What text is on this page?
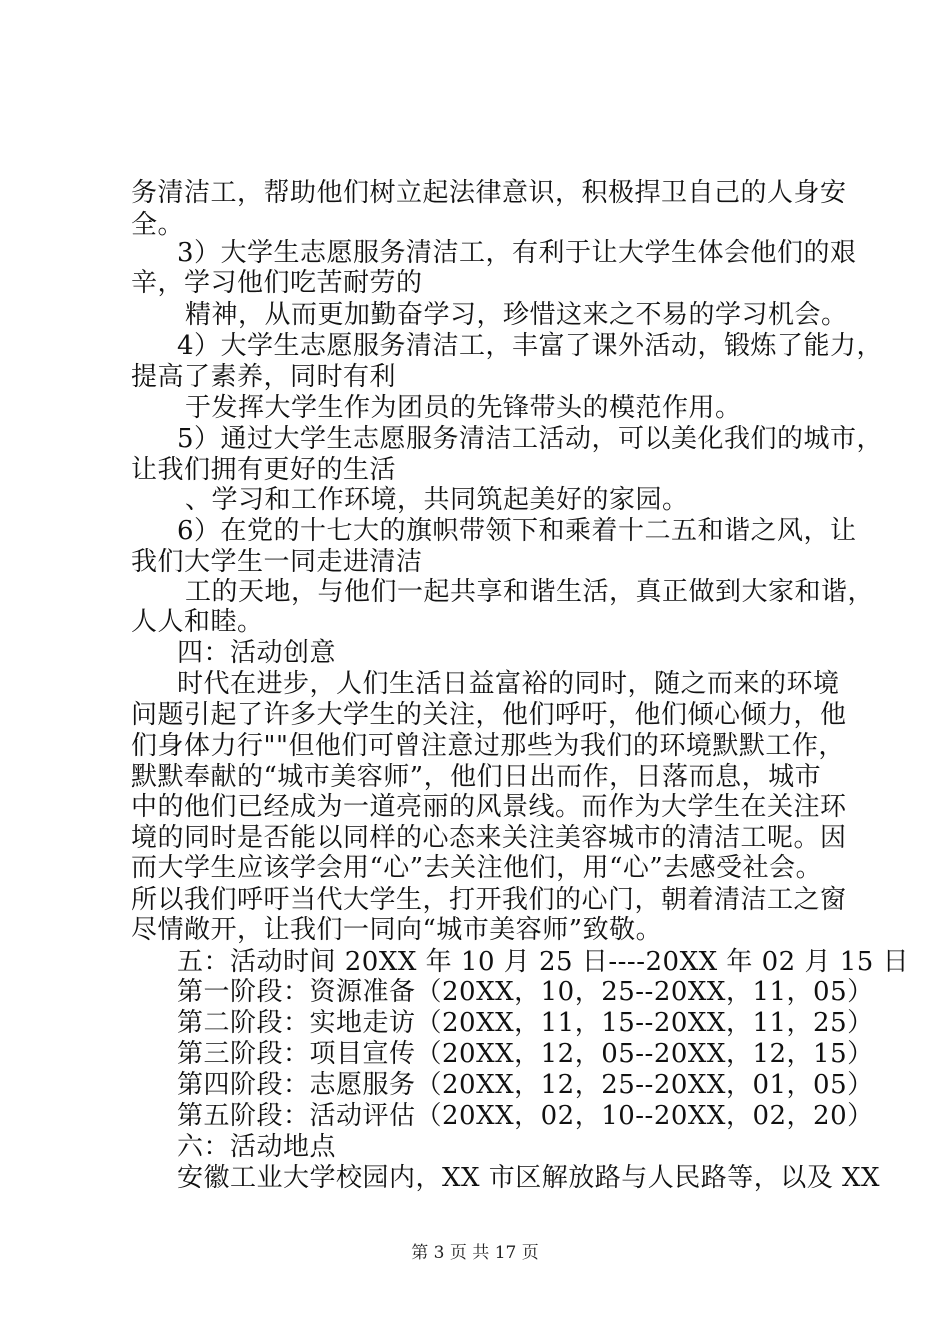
务清洁工，帮助他们树立起法律意识，积极捍卫自己的人身安
全。
3）大学生志愿服务清洁工，有利于让大学生体会他们的艰
辛，学习他们吃苦耐劳的
精神，从而更加勤奋学习，珍惜这来之不易的学习机会。
4）大学生志愿服务清洁工，丰富了课外活动，锻炼了能力，
提高了素养，同时有利
于发挥大学生作为团员的先锋带头的模范作用。
5）通过大学生志愿服务清洁工活动，可以美化我们的城市，
让我们拥有更好的生活
、学习和工作环境，共同筑起美好的家园。
6）在党的十七大的旗帜带领下和乘着十二五和谐之风，让
我们大学生一同走进清洁
工的天地，与他们一起共享和谐生活，真正做到大家和谐，
人人和睦。
四：活动创意
时代在进步，人们生活日益富裕的同时，随之而来的环境
问题引起了许多大学生的关注，他们呼吁，他们倾心倾力，他
们身体力行""但他们可曾注意过那些为我们的环境默默工作，
默默奉献的“城市美容师”，他们日出而作，日落而息，城市
中的他们已经成为一道亮丽的风景线。而作为大学生在关注环
境的同时是否能以同样的心态来关注美容城市的清洁工呢。因
而大学生应该学会用“心”去关注他们，用“心”去感受社会。
所以我们呼吁当代大学生，打开我们的心门，朝着清洁工之窗
尽情敞开，让我们一同向“城市美容师”致敬。
五：活动时间 20XX 年 10 月 25 日----20XX 年 02 月 15 日
第一阶段：资源准备（20XX，10，25--20XX，11，05）
第二阶段：实地走访（20XX，11，15--20XX，11，25）
第三阶段：项目宣传（20XX，12，05--20XX，12，15）
第四阶段：志愿服务（20XX，12，25--20XX，01，05）
第五阶段：活动评估（20XX，02，10--20XX，02，20）
六：活动地点
安徽工业大学校园内，XX 市区解放路与人民路等，以及 XX
第 3 页 共 17 页
